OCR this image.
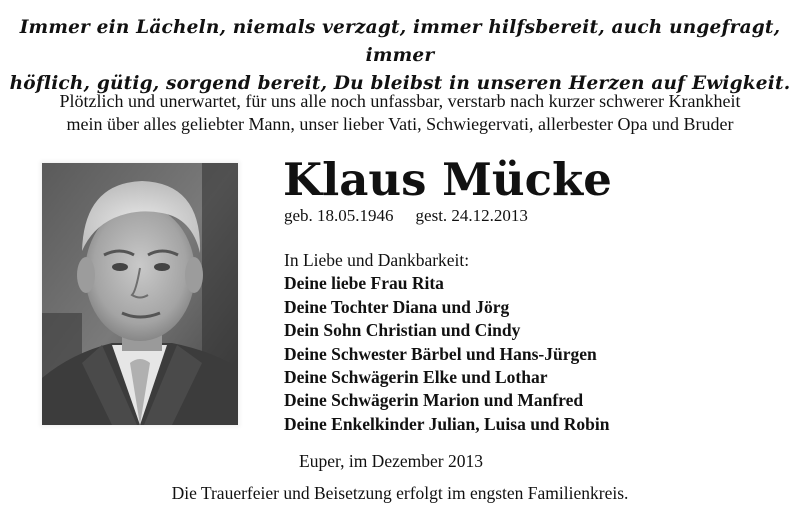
Immer ein Lächeln, niemals verzagt, immer hilfsbereit, auch ungefragt, immer
höflich, gütig, sorgend bereit, Du bleibst in unseren Herzen auf Ewigkeit.
Plötzlich und unerwartet, für uns alle noch unfassbar, verstarb nach kurzer schwerer Krankheit
mein über alles geliebter Mann, unser lieber Vati, Schwiegervati, allerbester Opa und Bruder
Klaus Mücke
geb. 18.05.1946 gest. 24.12.2013
In Liebe und Dankbarkeit:
Deine liebe Frau Rita
Deine Tochter Diana und Jörg
Dein Sohn Christian und Cindy
Deine Schwester Bärbel und Hans-Jürgen
Deine Schwägerin Elke und Lothar
Deine Schwägerin Marion und Manfred
Deine Enkelkinder Julian, Luisa und Robin
Euper, im Dezember 2013
Die Trauerfeier und Beisetzung erfolgt im engsten Familienkreis.
